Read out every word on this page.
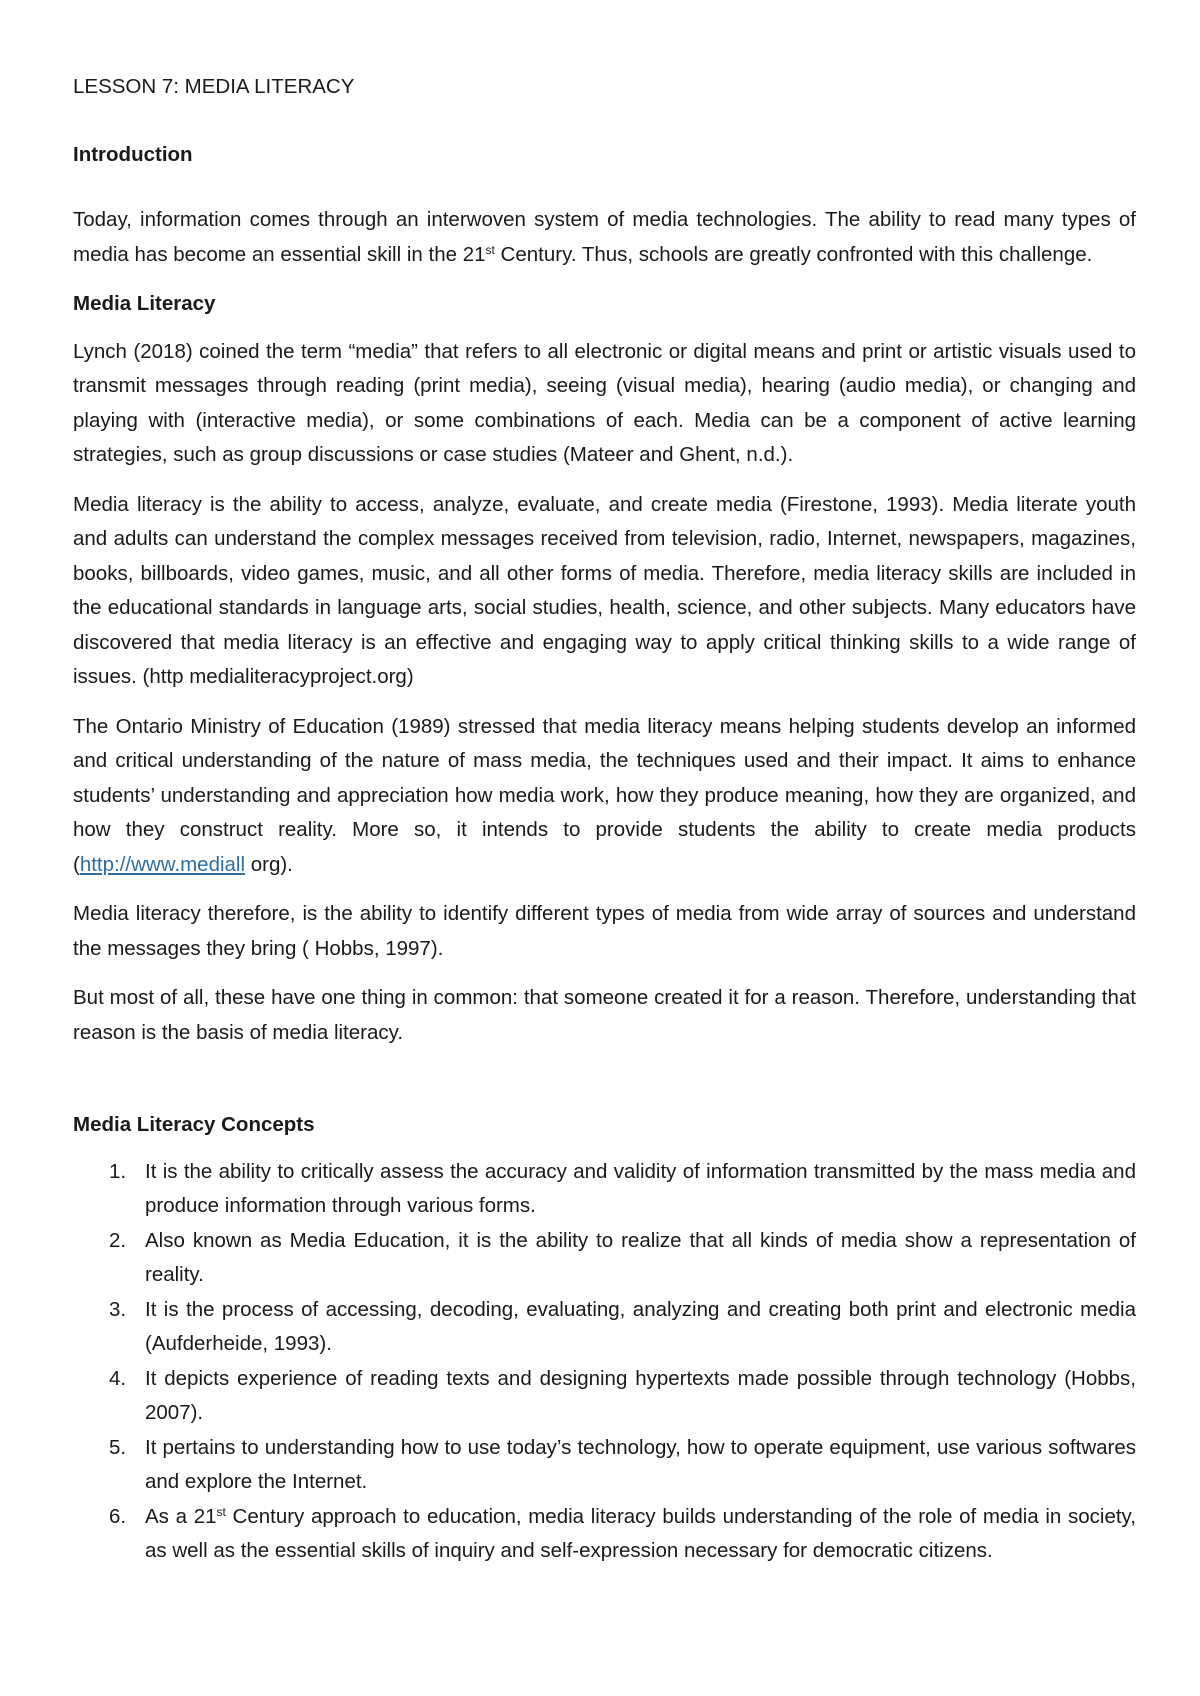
LESSON 7: MEDIA LITERACY
Introduction

Today, information comes through an interwoven system of media technologies. The ability to read many types of media has become an essential skill in the 21st Century. Thus, schools are greatly confronted with this challenge.

Media Literacy

Lynch (2018) coined the term “media” that refers to all electronic or digital means and print or artistic visuals used to transmit messages through reading (print media), seeing (visual media), hearing (audio media), or changing and playing with (interactive media), or some combinations of each. Media can be a component of active learning strategies, such as group discussions or case studies (Mateer and Ghent, n.d.).

Media literacy is the ability to access, analyze, evaluate, and create media (Firestone, 1993). Media literate youth and adults can understand the complex messages received from television, radio, Internet, newspapers, magazines, books, billboards, video games, music, and all other forms of media. Therefore, media literacy skills are included in the educational standards in language arts, social studies, health, science, and other subjects. Many educators have discovered that media literacy is an effective and engaging way to apply critical thinking skills to a wide range of issues. (http medialiteracyproject.org)

The Ontario Ministry of Education (1989) stressed that media literacy means helping students develop an informed and critical understanding of the nature of mass media, the techniques used and their impact. It aims to enhance students’ understanding and appreciation how media work, how they produce meaning, how they are organized, and how they construct reality. More so, it intends to provide students the ability to create media products (http://www.mediall org).

Media literacy therefore, is the ability to identify different types of media from wide array of sources and understand the messages they bring ( Hobbs, 1997).

But most of all, these have one thing in common: that someone created it for a reason. Therefore, understanding that reason is the basis of media literacy.

Media Literacy Concepts
1. It is the ability to critically assess the accuracy and validity of information transmitted by the mass media and produce information through various forms.
2. Also known as Media Education, it is the ability to realize that all kinds of media show a representation of reality.
3. It is the process of accessing, decoding, evaluating, analyzing and creating both print and electronic media (Aufderheide, 1993).
4. It depicts experience of reading texts and designing hypertexts made possible through technology (Hobbs, 2007).
5. It pertains to understanding how to use today’s technology, how to operate equipment, use various softwares and explore the Internet.
6. As a 21st Century approach to education, media literacy builds understanding of the role of media in society, as well as the essential skills of inquiry and self-expression necessary for democratic citizens.
